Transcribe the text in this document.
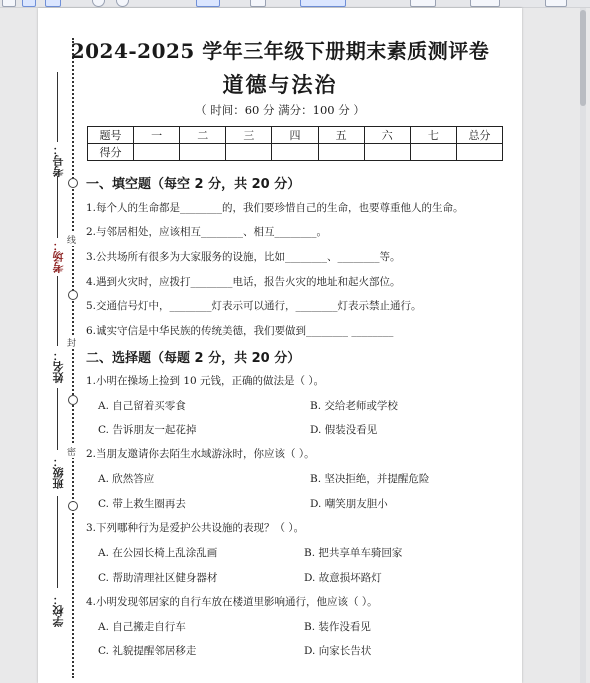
线
封
密
考号：
考场：
姓名：
班级：
学校：
2024-2025 学年三年级下册期末素质测评卷
道德与法治
（ 时间：60 分 满分：100 分 ）
题号	一	二	三	四	五	六	七	总分
得分								
一、填空题（每空 2 分，共 20 分）
1.每个人的生命都是________的，我们要珍惜自己的生命，也要尊重他人的生命。
2.与邻居相处，应该相互________、相互________。
3.公共场所有很多为大家服务的设施，比如________、________等。
4.遇到火灾时，应拨打________电话，报告火灾的地址和起火部位。
5.交通信号灯中，________灯表示可以通行，________灯表示禁止通行。
6.诚实守信是中华民族的传统美德，我们要做到________ ________
二、选择题（每题 2 分，共 20 分）
1.小明在操场上捡到 10 元钱，正确的做法是（ ）。
A. 自己留着买零食	B. 交给老师或学校
C. 告诉朋友一起花掉	D. 假装没看见
2.当朋友邀请你去陌生水域游泳时，你应该（ ）。
A. 欣然答应	B. 坚决拒绝，并提醒危险
C. 带上救生圈再去	D. 嘲笑朋友胆小
3.下列哪种行为是爱护公共设施的表现？（ ）。
A. 在公园长椅上乱涂乱画	B. 把共享单车骑回家
C. 帮助清理社区健身器材	D. 故意损坏路灯
4.小明发现邻居家的自行车放在楼道里影响通行，他应该（ ）。
A. 自己搬走自行车	B. 装作没看见
C. 礼貌提醒邻居移走	D. 向家长告状
